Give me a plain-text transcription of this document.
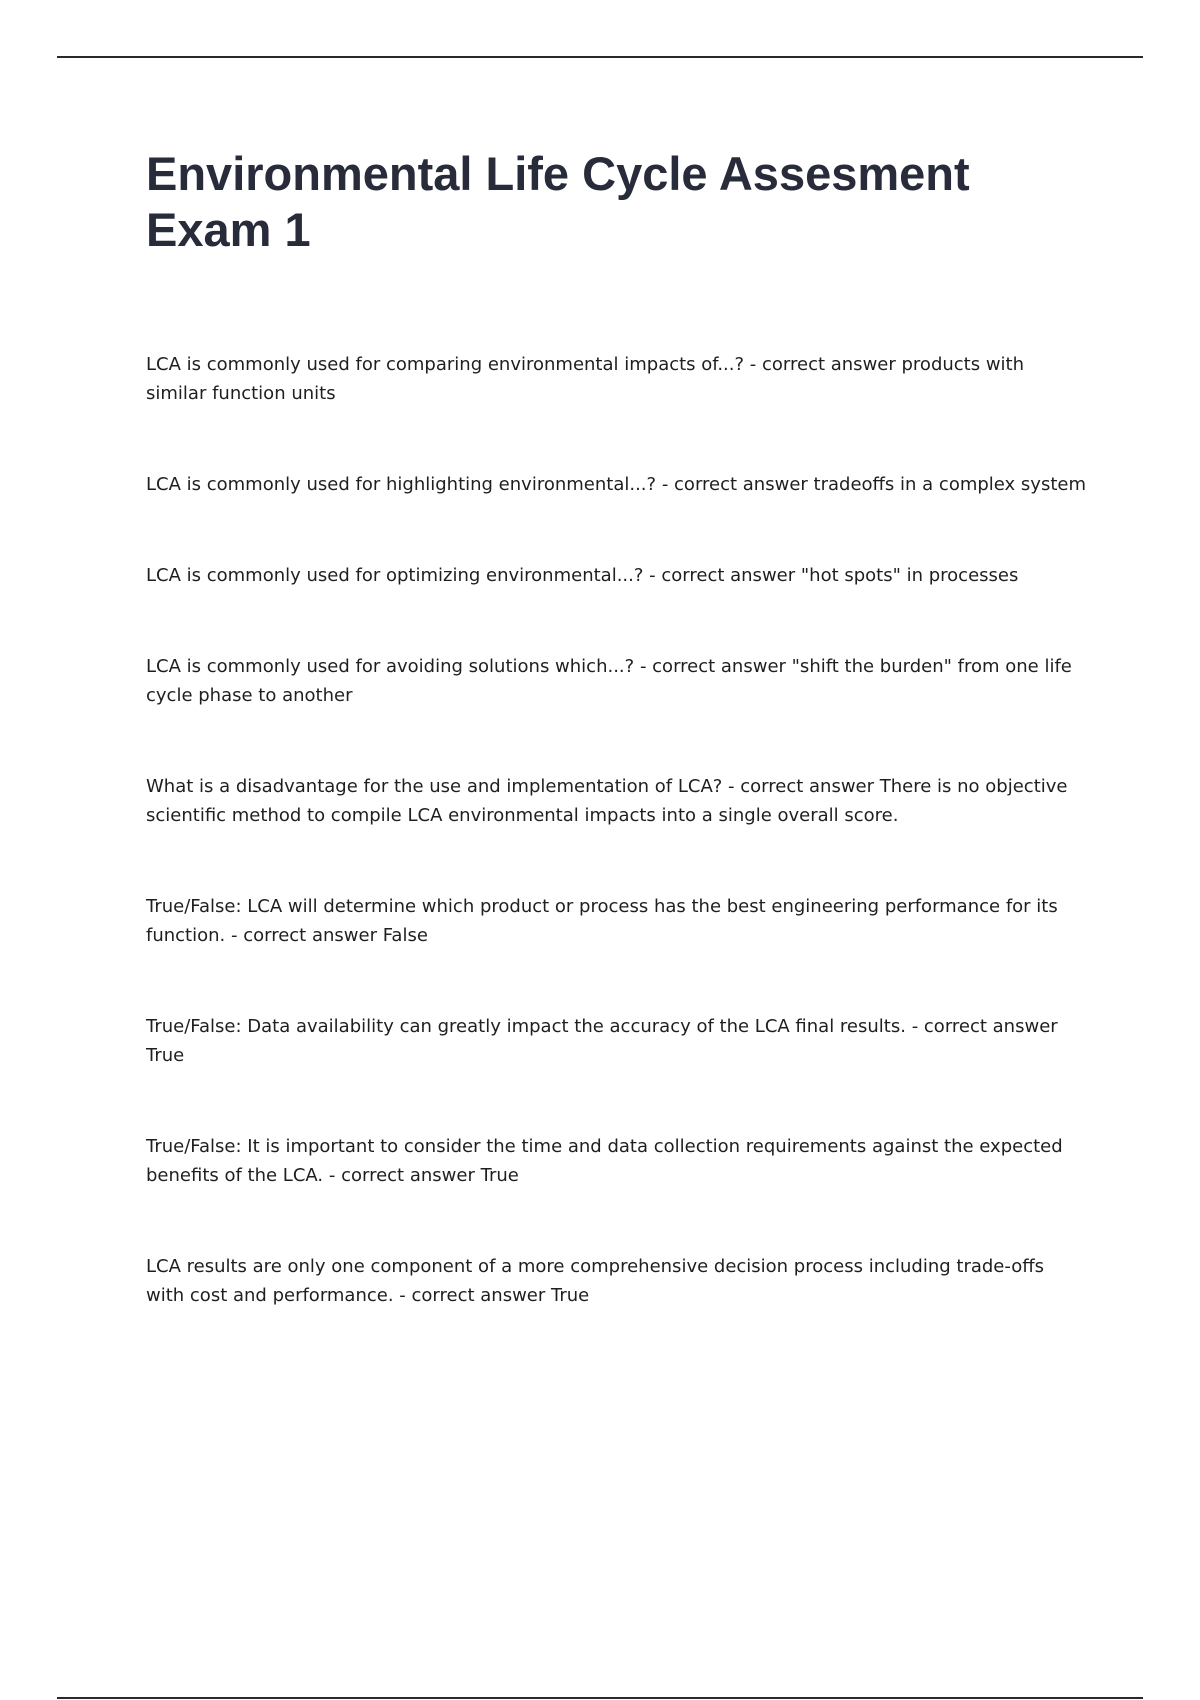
Environmental Life Cycle Assesment Exam 1

LCA is commonly used for comparing environmental impacts of...? - correct answer products with similar function units

LCA is commonly used for highlighting environmental...? - correct answer tradeoffs in a complex system

LCA is commonly used for optimizing environmental...? - correct answer "hot spots" in processes

LCA is commonly used for avoiding solutions which...? - correct answer "shift the burden" from one life cycle phase to another

What is a disadvantage for the use and implementation of LCA? - correct answer There is no objective scientific method to compile LCA environmental impacts into a single overall score.

True/False: LCA will determine which product or process has the best engineering performance for its function. - correct answer False

True/False: Data availability can greatly impact the accuracy of the LCA final results. - correct answer True

True/False: It is important to consider the time and data collection requirements against the expected benefits of the LCA. - correct answer True

LCA results are only one component of a more comprehensive decision process including trade-offs with cost and performance. - correct answer True
